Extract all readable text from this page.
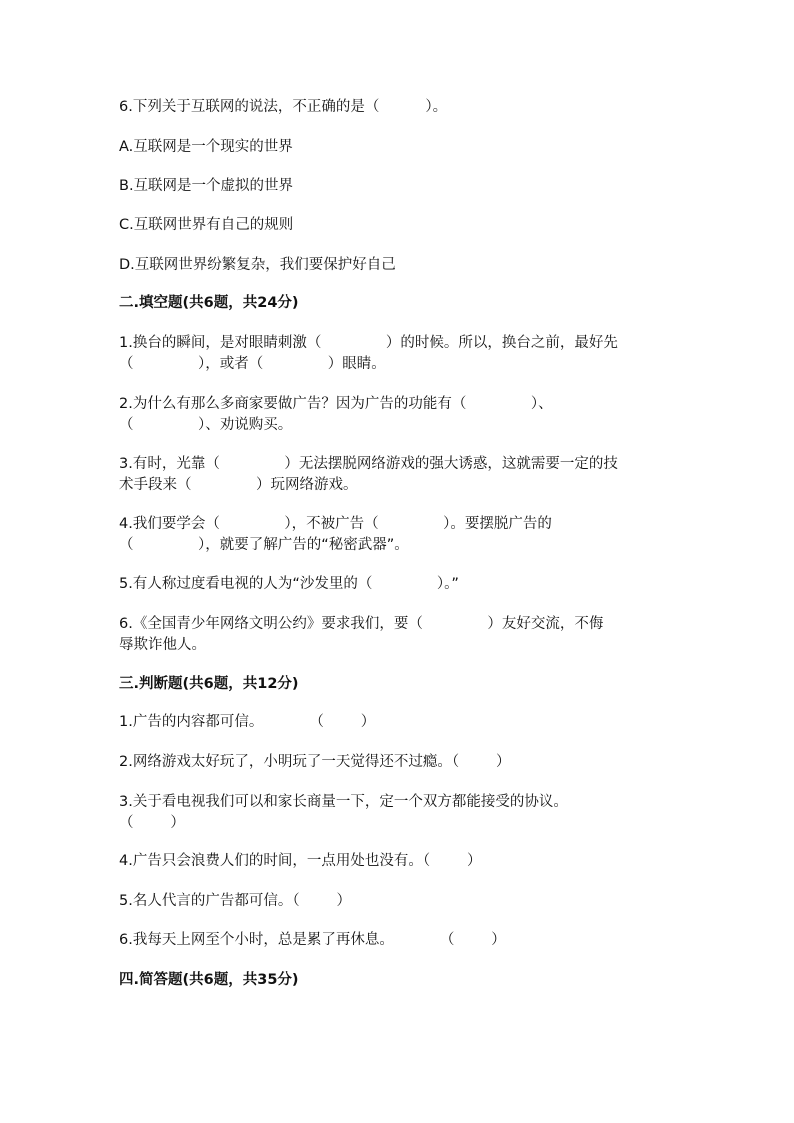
6.下列关于互联网的说法，不正确的是（          ）。
A.互联网是一个现实的世界
B.互联网是一个虚拟的世界
C.互联网世界有自己的规则
D.互联网世界纷繁复杂，我们要保护好自己
二.填空题(共6题，共24分)
1.换台的瞬间，是对眼睛刺激（              ）的时候。所以，换台之前，最好先
（              ），或者（              ）眼睛。
2.为什么有那么多商家要做广告？因为广告的功能有（              ）、
（              ）、劝说购买。
3.有时，光靠（              ）无法摆脱网络游戏的强大诱惑，这就需要一定的技
术手段来（              ）玩网络游戏。
4.我们要学会（              ），不被广告（              ）。要摆脱广告的
（              ），就要了解广告的“秘密武器”。
5.有人称过度看电视的人为“沙发里的（              ）。”
6.《全国青少年网络文明公约》要求我们，要（              ）友好交流，不侮
辱欺诈他人。
三.判断题(共6题，共12分)
1.广告的内容都可信。          （        ）
2.网络游戏太好玩了，小明玩了一天觉得还不过瘾。（        ）
3.关于看电视我们可以和家长商量一下，定一个双方都能接受的协议。
（        ）
4.广告只会浪费人们的时间，一点用处也没有。（        ）
5.名人代言的广告都可信。（        ）
6.我每天上网至个小时，总是累了再休息。          （        ）
四.简答题(共6题，共35分)
